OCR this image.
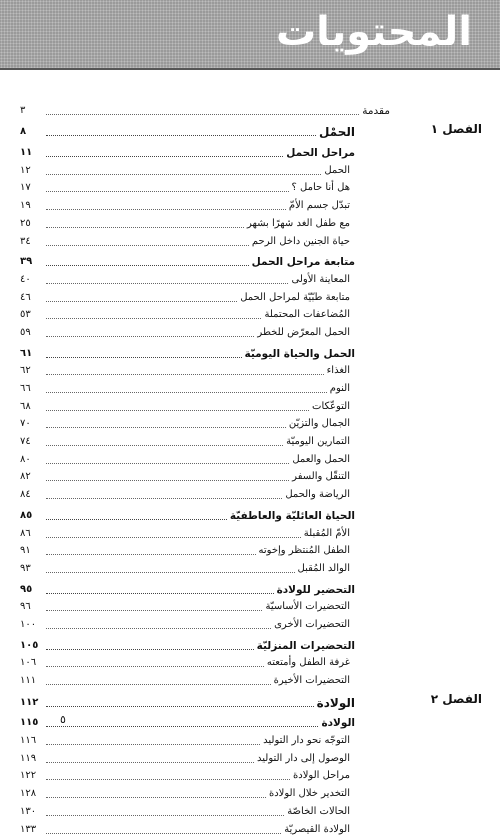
المحتويات
مقدمة
٣
الفصل ١
الحمْل
٨
مراحل الحمل
١١
الحمل
١٢
هل أنا حامل ؟
١٧
تبدّل جسم الأمّ
١٩
مع طفل الغد شهرًا بشهر
٢٥
حياة الجنين داخل الرحم
٣٤
متابعة مراحل الحمل
٣٩
المعاينة الأولى
٤٠
متابعة طبّيّة لمراحل الحمل
٤٦
المُضاعفات المحتملة
٥٣
الحمل المعرّض للخطر
٥٩
الحمل والحياة اليوميّة
٦١
الغذاء
٦٢
النوم
٦٦
التوعّكات
٦٨
الجمال والتزيّن
٧٠
التمارين اليوميّة
٧٤
الحمل والعمل
٨٠
التنقّل والسفر
٨٢
الرياضة والحمل
٨٤
الحياة العائليّة والعاطفيّة
٨٥
الأمّ المُقبلة
٨٦
الطفل المُنتظر وإخوته
٩١
الوالد المُقبل
٩٣
التحضير للولادة
٩٥
التحضيرات الأساسيّة
٩٦
التحضيرات الأخرى
١٠٠
التحضيرات المنزليّة
١٠٥
غرفة الطفل وأمتعته
١٠٦
التحضيرات الأخيرة
١١١
الفصل ٢
الولادة
١١٢
الولادة
١١٥
التوجّه نحو دار التوليد
١١٦
الوصول إلى دار التوليد
١١٩
مراحل الولادة
١٢٢
التخدير خلال الولادة
١٢٨
الحالات الخاصّة
١٣٠
الولادة القيصريّة
١٣٣
٥
